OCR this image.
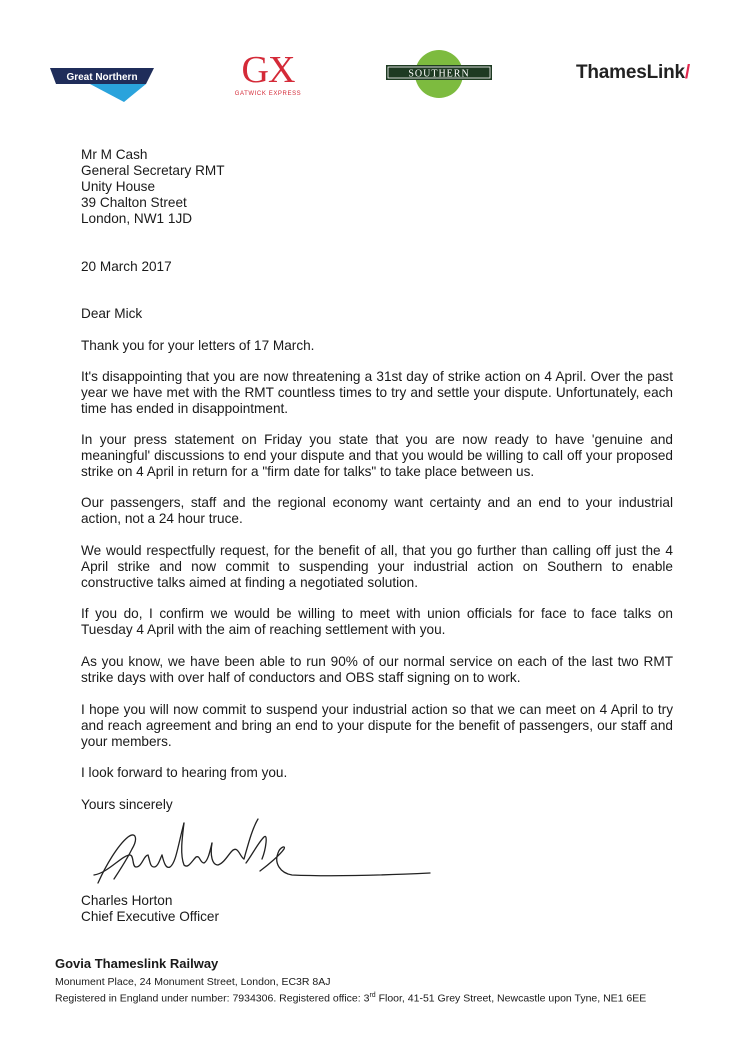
Great Northern	GX
GATWICK EXPRESS
SOUTHERN	ThamesLink/
Mr M Cash
General Secretary RMT
Unity House
39 Chalton Street
London, NW1 1JD
20 March 2017
Dear Mick
Thank you for your letters of 17 March.
It's disappointing that you are now threatening a 31st day of strike action on 4 April. Over the past year we have met with the RMT countless times to try and settle your dispute. Unfortunately, each time has ended in disappointment.
In your press statement on Friday you state that you are now ready to have 'genuine and meaningful' discussions to end your dispute and that you would be willing to call off your proposed strike on 4 April in return for a "firm date for talks" to take place between us.
Our passengers, staff and the regional economy want certainty and an end to your industrial action, not a 24 hour truce.
We would respectfully request, for the benefit of all, that you go further than calling off just the 4 April strike and now commit to suspending your industrial action on Southern to enable constructive talks aimed at finding a negotiated solution.
If you do, I confirm we would be willing to meet with union officials for face to face talks on Tuesday 4 April with the aim of reaching settlement with you.
As you know, we have been able to run 90% of our normal service on each of the last two RMT strike days with over half of conductors and OBS staff signing on to work.
I hope you will now commit to suspend your industrial action so that we can meet on 4 April to try and reach agreement and bring an end to your dispute for the benefit of passengers, our staff and your members.
I look forward to hearing from you.
Yours sincerely
Charles Horton
Chief Executive Officer
Govia Thameslink Railway
Monument Place, 24 Monument Street, London, EC3R 8AJ
Registered in England under number: 7934306. Registered office: 3rd Floor, 41-51 Grey Street, Newcastle upon Tyne, NE1 6EE
